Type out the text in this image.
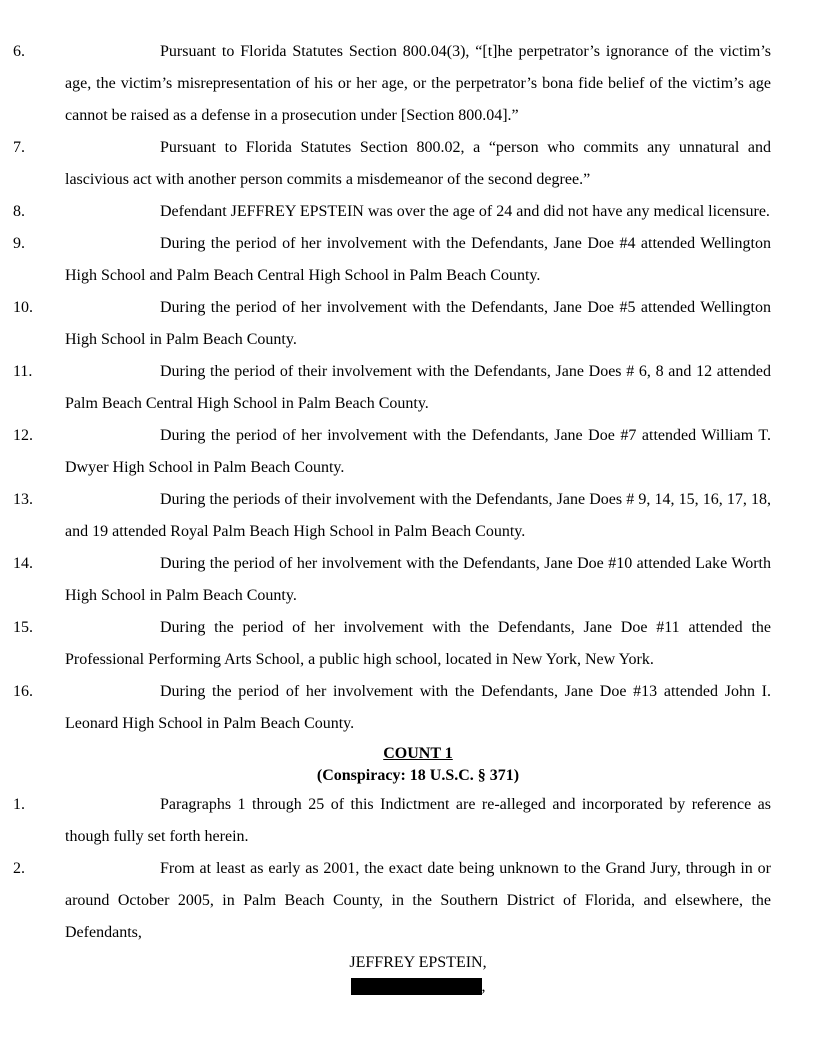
6.	Pursuant to Florida Statutes Section 800.04(3), “[t]he perpetrator’s ignorance of the victim’s age, the victim’s misrepresentation of his or her age, or the perpetrator’s bona fide belief of the victim’s age cannot be raised as a defense in a prosecution under [Section 800.04].”
7.	Pursuant to Florida Statutes Section 800.02, a “person who commits any unnatural and lascivious act with another person commits a misdemeanor of the second degree.”
8.	Defendant JEFFREY EPSTEIN was over the age of 24 and did not have any medical licensure.
9.	During the period of her involvement with the Defendants, Jane Doe #4 attended Wellington High School and Palm Beach Central High School in Palm Beach County.
10.	During the period of her involvement with the Defendants, Jane Doe #5 attended Wellington High School in Palm Beach County.
11.	During the period of their involvement with the Defendants, Jane Does # 6, 8 and 12 attended Palm Beach Central High School in Palm Beach County.
12.	During the period of her involvement with the Defendants, Jane Doe #7 attended William T. Dwyer High School in Palm Beach County.
13.	During the periods of their involvement with the Defendants, Jane Does # 9, 14, 15, 16, 17, 18, and 19 attended Royal Palm Beach High School in Palm Beach County.
14.	During the period of her involvement with the Defendants, Jane Doe #10 attended Lake Worth High School in Palm Beach County.
15.	During the period of her involvement with the Defendants, Jane Doe #11 attended the Professional Performing Arts School, a public high school, located in New York, New York.
16.	During the period of her involvement with the Defendants, Jane Doe #13 attended John I. Leonard High School in Palm Beach County.
COUNT 1
(Conspiracy: 18 U.S.C. § 371)
1.	Paragraphs 1 through 25 of this Indictment are re-alleged and incorporated by reference as though fully set forth herein.
2.	From at least as early as 2001, the exact date being unknown to the Grand Jury, through in or around October 2005, in Palm Beach County, in the Southern District of Florida, and elsewhere, the Defendants,
JEFFREY EPSTEIN,
,
